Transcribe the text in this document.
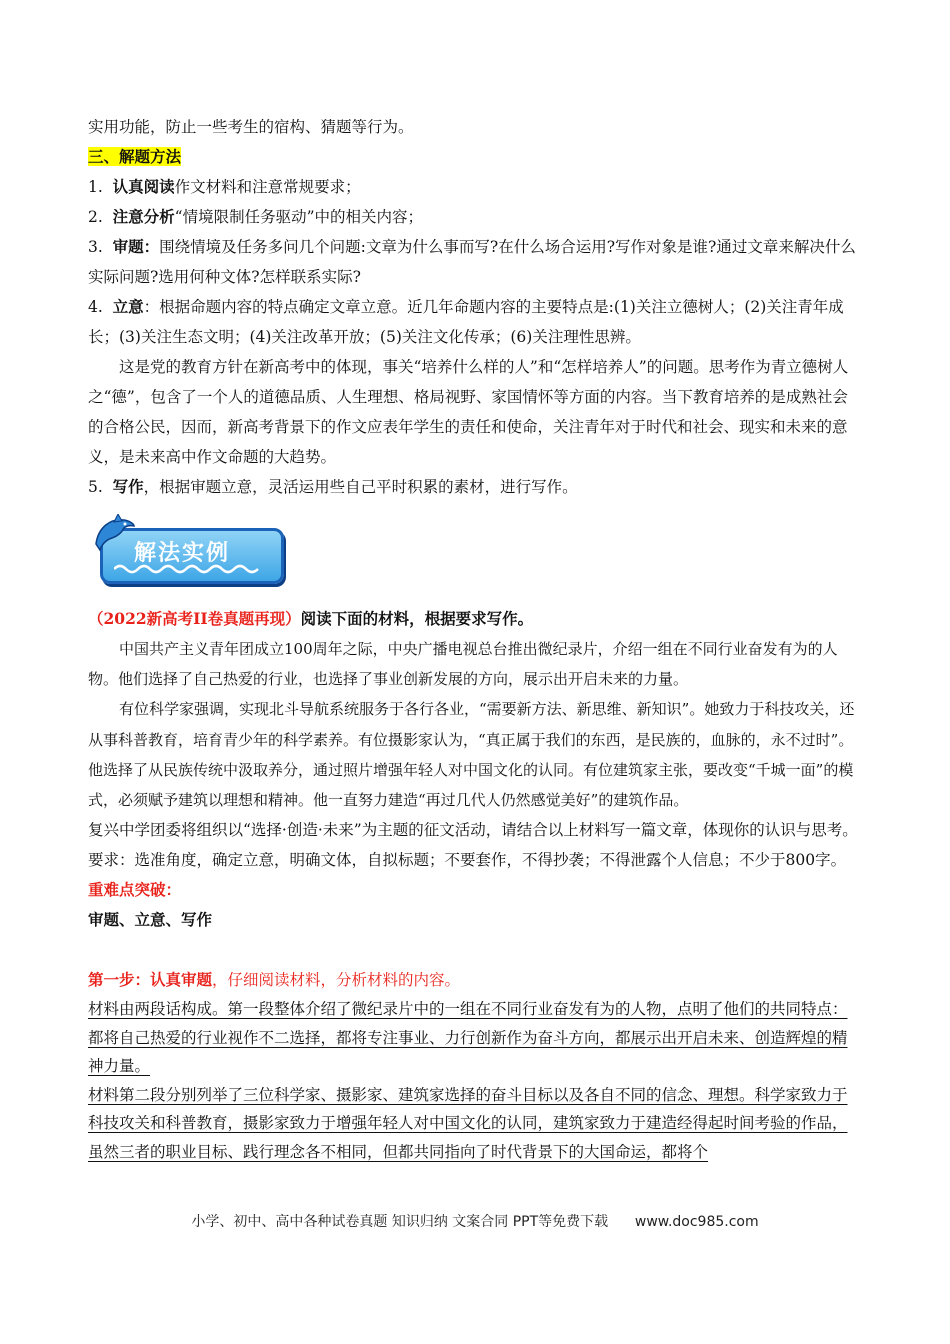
实用功能，防止一些考生的宿构、猜题等行为。

三、解题方法

1. 认真阅读作文材料和注意常规要求；

2. 注意分析“情境限制任务驱动”中的相关内容；

3. 审题：围绕情境及任务多问几个问题:文章为什么事而写?在什么场合运用?写作对象是谁?通过文章来解决什么实际问题?选用何种文体?怎样联系实际?

4. 立意：根据命题内容的特点确定文章立意。近几年命题内容的主要特点是:(1)关注立德树人；(2)关注青年成长；(3)关注生态文明；(4)关注改革开放；(5)关注文化传承；(6)关注理性思辨。

这是党的教育方针在新高考中的体现，事关“培养什么样的人”和“怎样培养人”的问题。思考作为青立德树人之“德”，包含了一个人的道德品质、人生理想、格局视野、家国情怀等方面的内容。当下教育培养的是成熟社会的合格公民，因而，新高考背景下的作文应表年学生的责任和使命，关注青年对于时代和社会、现实和未来的意义，是未来高中作文命题的大趋势。

5. 写作，根据审题立意，灵活运用些自己平时积累的素材，进行写作。

解法实例

（2022新高考II卷真题再现）阅读下面的材料，根据要求写作。

中国共产主义青年团成立100周年之际，中央广播电视总台推出微纪录片，介绍一组在不同行业奋发有为的人物。他们选择了自己热爱的行业，也选择了事业创新发展的方向，展示出开启未来的力量。

有位科学家强调，实现北斗导航系统服务于各行各业，“需要新方法、新思维、新知识”。她致力于科技攻关，还从事科普教育，培育青少年的科学素养。有位摄影家认为，“真正属于我们的东西，是民族的，血脉的，永不过时”。他选择了从民族传统中汲取养分，通过照片增强年轻人对中国文化的认同。有位建筑家主张，要改变“千城一面”的模式，必须赋予建筑以理想和精神。他一直努力建造“再过几代人仍然感觉美好”的建筑作品。

复兴中学团委将组织以“选择·创造·未来”为主题的征文活动，请结合以上材料写一篇文章，体现你的认识与思考。

要求：选准角度，确定立意，明确文体，自拟标题；不要套作，不得抄袭；不得泄露个人信息；不少于800字。

重难点突破：

审题、立意、写作

第一步：认真审题，仔细阅读材料，分析材料的内容。

材料由两段话构成。第一段整体介绍了微纪录片中的一组在不同行业奋发有为的人物，点明了他们的共同特点：都将自己热爱的行业视作不二选择，都将专注事业、力行创新作为奋斗方向，都展示出开启未来、创造辉煌的精神力量。

材料第二段分别列举了三位科学家、摄影家、建筑家选择的奋斗目标以及各自不同的信念、理想。科学家致力于科技攻关和科普教育，摄影家致力于增强年轻人对中国文化的认同，建筑家致力于建造经得起时间考验的作品，虽然三者的职业目标、践行理念各不相同，但都共同指向了时代背景下的大国命运，都将个

小学、初中、高中各种试卷真题 知识归纳 文案合同 PPT等免费下载 www.doc985.com
